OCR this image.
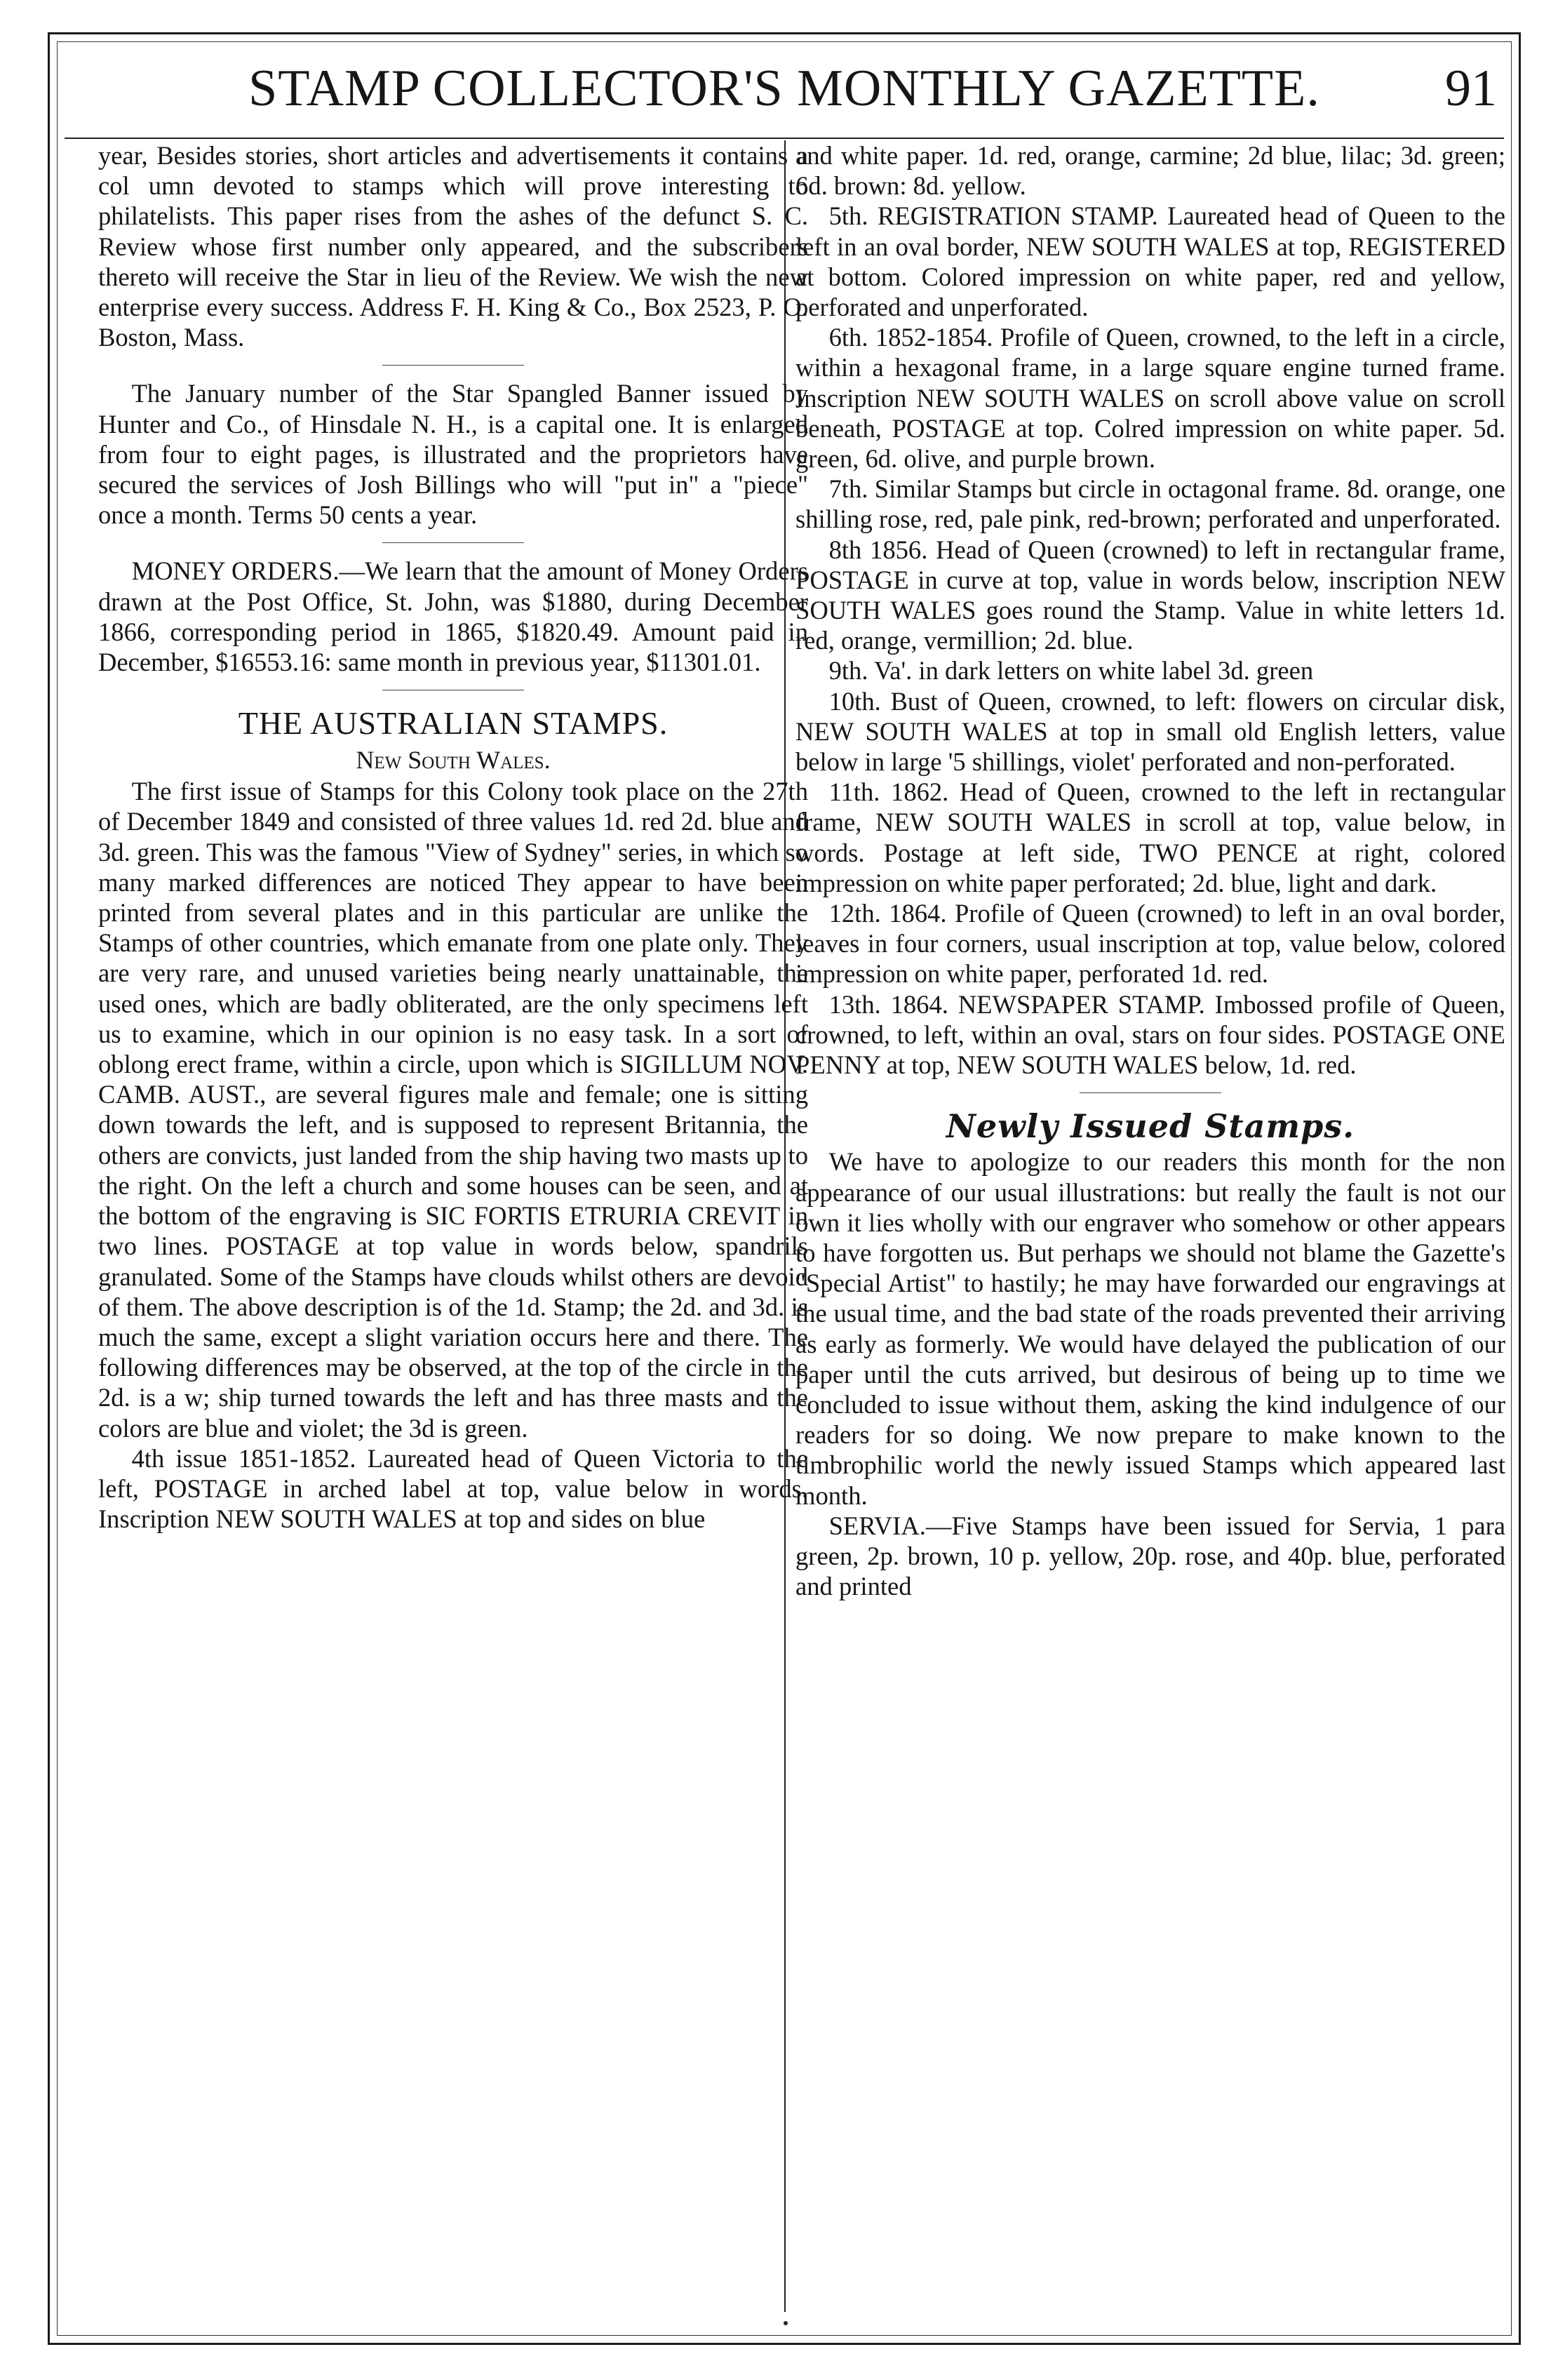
STAMP COLLECTOR'S MONTHLY GAZETTE.	91

year, Besides stories, short articles and advertisements it contains a col umn devoted to stamps which will prove interesting to philatelists. This paper rises from the ashes of the defunct S. C. Review whose first number only appeared, and the subscribers thereto will receive the Star in lieu of the Review. We wish the new enterprise every success. Address F. H. King & Co., Box 2523, P. O. Boston, Mass.

The January number of the Star Spangled Banner issued by Hunter and Co., of Hinsdale N. H., is a capital one. It is enlarged from four to eight pages, is illustrated and the proprietors have secured the services of Josh Billings who will "put in" a "piece" once a month. Terms 50 cents a year.

MONEY ORDERS.—We learn that the amount of Money Orders drawn at the Post Office, St. John, was $1880, during December 1866, corresponding period in 1865, $1820.49. Amount paid in December, $16553.16: same month in previous year, $11301.01.

THE AUSTRALIAN STAMPS.
New South Wales.

The first issue of Stamps for this Colony took place on the 27th of December 1849 and consisted of three values 1d. red 2d. blue and 3d. green. This was the famous "View of Sydney" series, in which so many marked differences are noticed They appear to have been printed from several plates and in this particular are unlike the Stamps of other countries, which emanate from one plate only. They are very rare, and unused varieties being nearly unattainable, the used ones, which are badly obliterated, are the only specimens left us to examine, which in our opinion is no easy task. In a sort of oblong erect frame, within a circle, upon which is SIGILLUM NOV. CAMB. AUST., are several figures male and female; one is sitting down towards the left, and is supposed to represent Britannia, the others are convicts, just landed from the ship having two masts up to the right. On the left a church and some houses can be seen, and at the bottom of the engraving is SIC FORTIS ETRURIA CREVIT in two lines. POSTAGE at top value in words below, spandrils granulated. Some of the Stamps have clouds whilst others are devoid of them. The above description is of the 1d. Stamp; the 2d. and 3d. is much the same, except a slight variation occurs here and there. The following differences may be observed, at the top of the circle in the 2d. is a w; ship turned towards the left and has three masts and the colors are blue and violet; the 3d is green.

4th issue 1851-1852. Laureated head of Queen Victoria to the left, POSTAGE in arched label at top, value below in words. Inscription NEW SOUTH WALES at top and sides on blue

and white paper. 1d. red, orange, carmine; 2d blue, lilac; 3d. green; 6d. brown: 8d. yellow.

5th. REGISTRATION STAMP. Laureated head of Queen to the left in an oval border, NEW SOUTH WALES at top, REGISTERED at bottom. Colored impression on white paper, red and yellow, perforated and unperforated.

6th. 1852-1854. Profile of Queen, crowned, to the left in a circle, within a hexagonal frame, in a large square engine turned frame. Inscription NEW SOUTH WALES on scroll above value on scroll beneath, POSTAGE at top. Colred impression on white paper. 5d. green, 6d. olive, and purple brown.

7th. Similar Stamps but circle in octagonal frame. 8d. orange, one shilling rose, red, pale pink, red-brown; perforated and unperforated.

8th 1856. Head of Queen (crowned) to left in rectangular frame, POSTAGE in curve at top, value in words below, inscription NEW SOUTH WALES goes round the Stamp. Value in white letters 1d. red, orange, vermillion; 2d. blue.

9th. Va'. in dark letters on white label 3d. green

10th. Bust of Queen, crowned, to left: flowers on circular disk, NEW SOUTH WALES at top in small old English letters, value below in large '5 shillings, violet' perforated and non-perforated.

11th. 1862. Head of Queen, crowned to the left in rectangular frame, NEW SOUTH WALES in scroll at top, value below, in words. Postage at left side, TWO PENCE at right, colored impression on white paper perforated; 2d. blue, light and dark.

12th. 1864. Profile of Queen (crowned) to left in an oval border, leaves in four corners, usual inscription at top, value below, colored impression on white paper, perforated 1d. red.

13th. 1864. NEWSPAPER STAMP. Imbossed profile of Queen, crowned, to left, within an oval, stars on four sides. POSTAGE ONE PENNY at top, NEW SOUTH WALES below, 1d. red.

Newly Issued Stamps.

We have to apologize to our readers this month for the non appearance of our usual illustrations: but really the fault is not our own it lies wholly with our engraver who somehow or other appears to have forgotten us. But perhaps we should not blame the Gazette's "Special Artist" to hastily; he may have forwarded our engravings at the usual time, and the bad state of the roads prevented their arriving as early as formerly. We would have delayed the publication of our paper until the cuts arrived, but desirous of being up to time we concluded to issue without them, asking the kind indulgence of our readers for so doing. We now prepare to make known to the timbrophilic world the newly issued Stamps which appeared last month.

SERVIA.—Five Stamps have been issued for Servia, 1 para green, 2p. brown, 10 p. yellow, 20p. rose, and 40p. blue, perforated and printed
